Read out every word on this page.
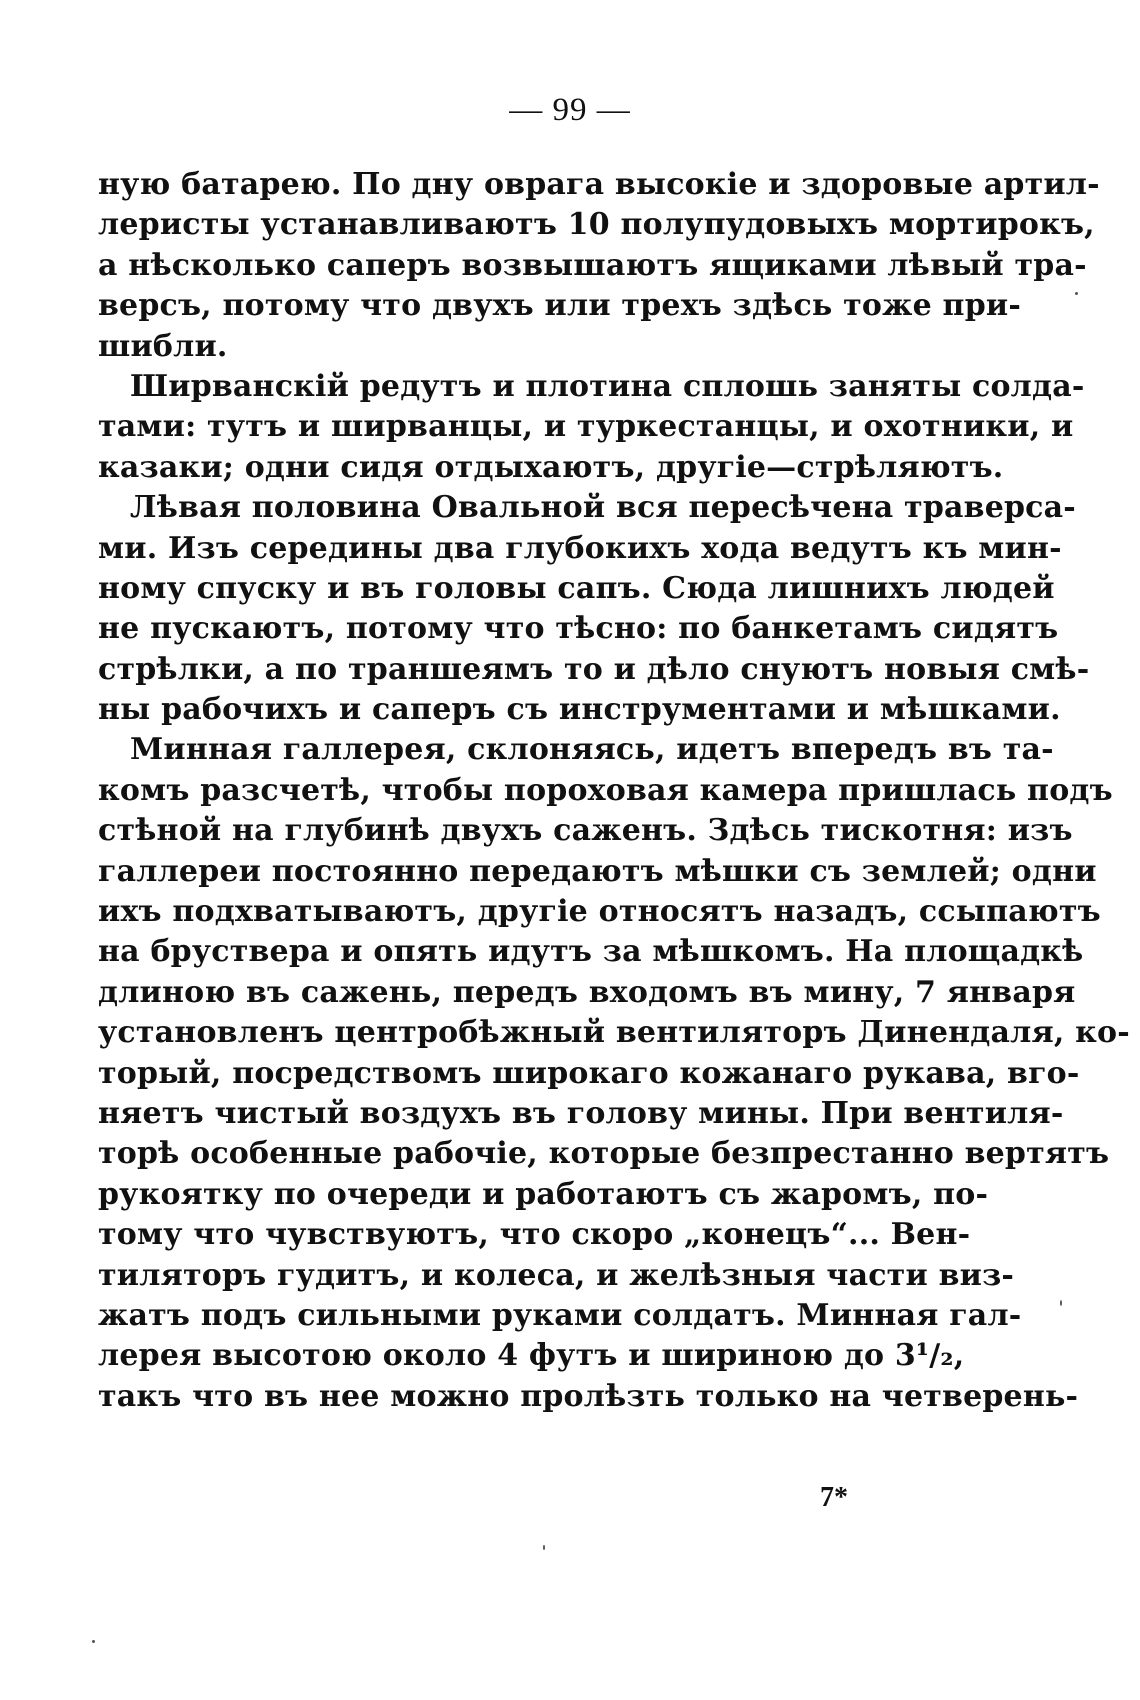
— 99 —
ную батарею. По дну оврага высокіе и здоровые артил-
леристы устанавливаютъ 10 полупудовыхъ мортирокъ,
а нѣсколько саперъ возвышаютъ ящиками лѣвый тра-
версъ, потому что двухъ или трехъ здѣсь тоже при-
шибли.
Ширванскій редутъ и плотина сплошь заняты солда-
тами: тутъ и ширванцы, и туркестанцы, и охотники, и
казаки; одни сидя отдыхаютъ, другіе—стрѣляютъ.
Лѣвая половина Овальной вся пересѣчена траверса-
ми. Изъ середины два глубокихъ хода ведутъ къ мин-
ному спуску и въ головы сапъ. Сюда лишнихъ людей
не пускаютъ, потому что тѣсно: по банкетамъ сидятъ
стрѣлки, а по траншеямъ то и дѣло снуютъ новыя смѣ-
ны рабочихъ и саперъ съ инструментами и мѣшками.
Минная галлерея, склоняясь, идетъ впередъ въ та-
комъ разсчетѣ, чтобы пороховая камера пришлась подъ
стѣной на глубинѣ двухъ саженъ. Здѣсь тискотня: изъ
галлереи постоянно передаютъ мѣшки съ землей; одни
ихъ подхватываютъ, другіе относятъ назадъ, ссыпаютъ
на бруствера и опять идутъ за мѣшкомъ. На площадкѣ
длиною въ сажень, передъ входомъ въ мину, 7 января
установленъ центробѣжный вентиляторъ Динендаля, ко-
торый, посредствомъ широкаго кожанаго рукава, вго-
няетъ чистый воздухъ въ голову мины. При вентиля-
торѣ особенные рабочіе, которые безпрестанно вертятъ
рукоятку по очереди и работаютъ съ жаромъ, по-
тому что чувствуютъ, что скоро „конецъ“... Вен-
тиляторъ гудитъ, и колеса, и желѣзныя части виз-
жатъ подъ сильными руками солдатъ. Минная гал-
лерея высотою около 4 футъ и шириною до 3¹/₂,
такъ что въ нее можно пролѣзть только на четверень-
7*
